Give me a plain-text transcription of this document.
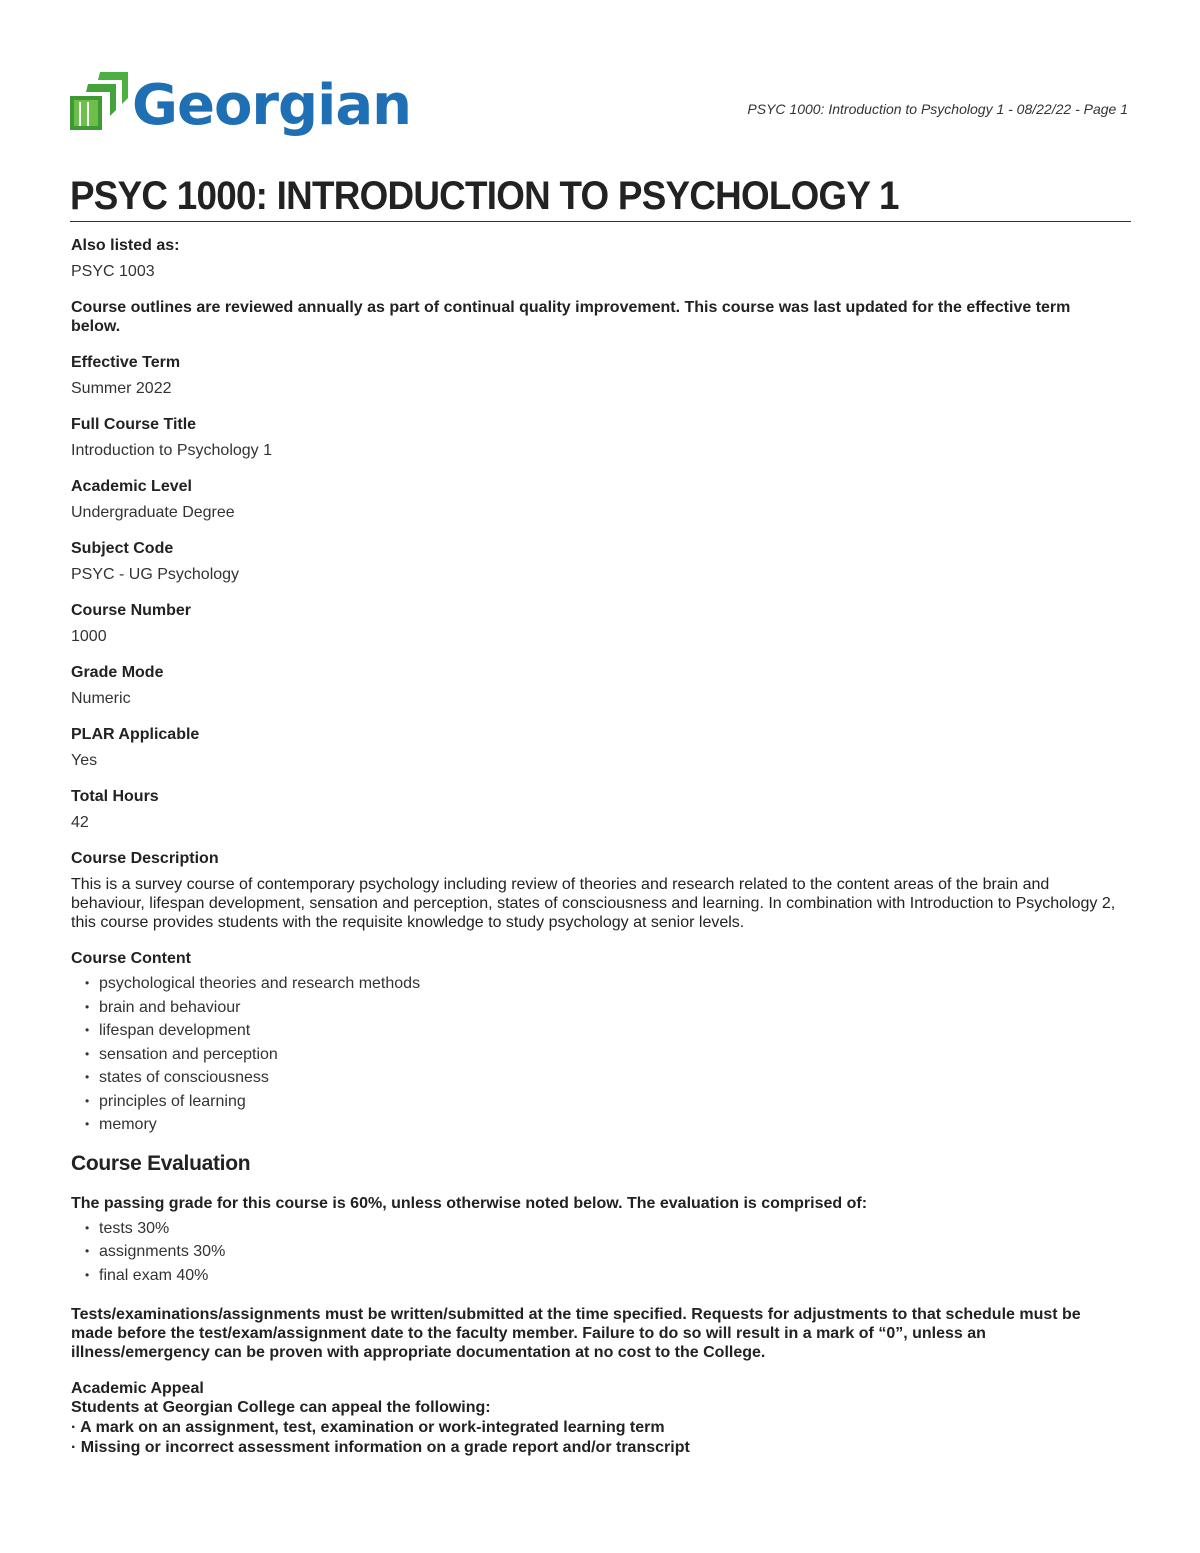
Georgian	PSYC 1000: Introduction to Psychology 1 - 08/22/22 - Page 1
PSYC 1000: INTRODUCTION TO PSYCHOLOGY 1

Also listed as:

PSYC 1003

Course outlines are reviewed annually as part of continual quality improvement. This course was last updated for the effective term below.

Effective Term

Summer 2022

Full Course Title

Introduction to Psychology 1

Academic Level

Undergraduate Degree

Subject Code

PSYC - UG Psychology

Course Number

1000

Grade Mode

Numeric

PLAR Applicable

Yes

Total Hours

42

Course Description

This is a survey course of contemporary psychology including review of theories and research related to the content areas of the brain and behaviour, lifespan development, sensation and perception, states of consciousness and learning. In combination with Introduction to Psychology 2, this course provides students with the requisite knowledge to study psychology at senior levels.

Course Content

• psychological theories and research methods
• brain and behaviour
• lifespan development
• sensation and perception
• states of consciousness
• principles of learning
• memory
Course Evaluation

The passing grade for this course is 60%, unless otherwise noted below. The evaluation is comprised of:

• tests 30%
• assignments 30%
• final exam 40%

Tests/examinations/assignments must be written/submitted at the time specified. Requests for adjustments to that schedule must be made before the test/exam/assignment date to the faculty member. Failure to do so will result in a mark of “0”, unless an illness/emergency can be proven with appropriate documentation at no cost to the College.

Academic Appeal

Students at Georgian College can appeal the following:
· A mark on an assignment, test, examination or work-integrated learning term
· Missing or incorrect assessment information on a grade report and/or transcript
